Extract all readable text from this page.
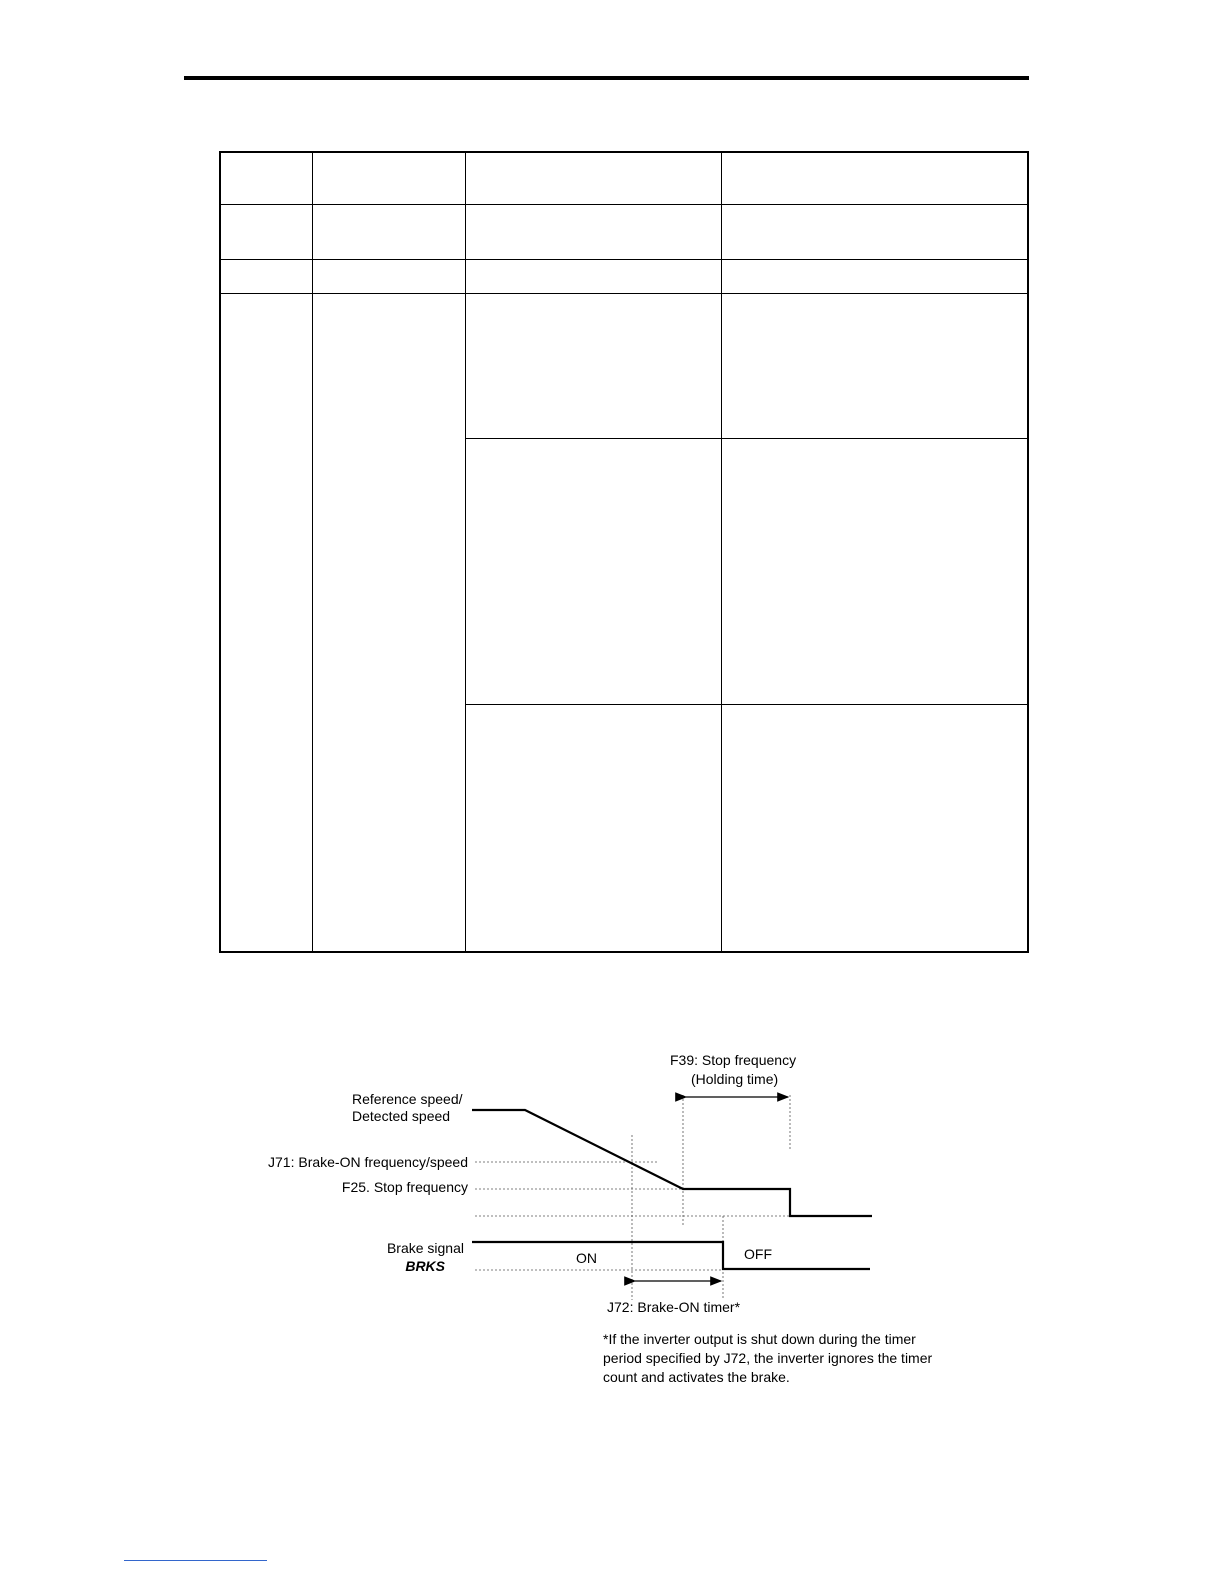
F39: Stop frequency
(Holding time)
Reference speed/
Detected speed
J71: Brake-ON frequency/speed
F25. Stop frequency
Brake signal
BRKS	ON	OFF
J72: Brake-ON timer*
*If the inverter output is shut down during the timer
period specified by J72, the inverter ignores the timer
count and activates the brake.
